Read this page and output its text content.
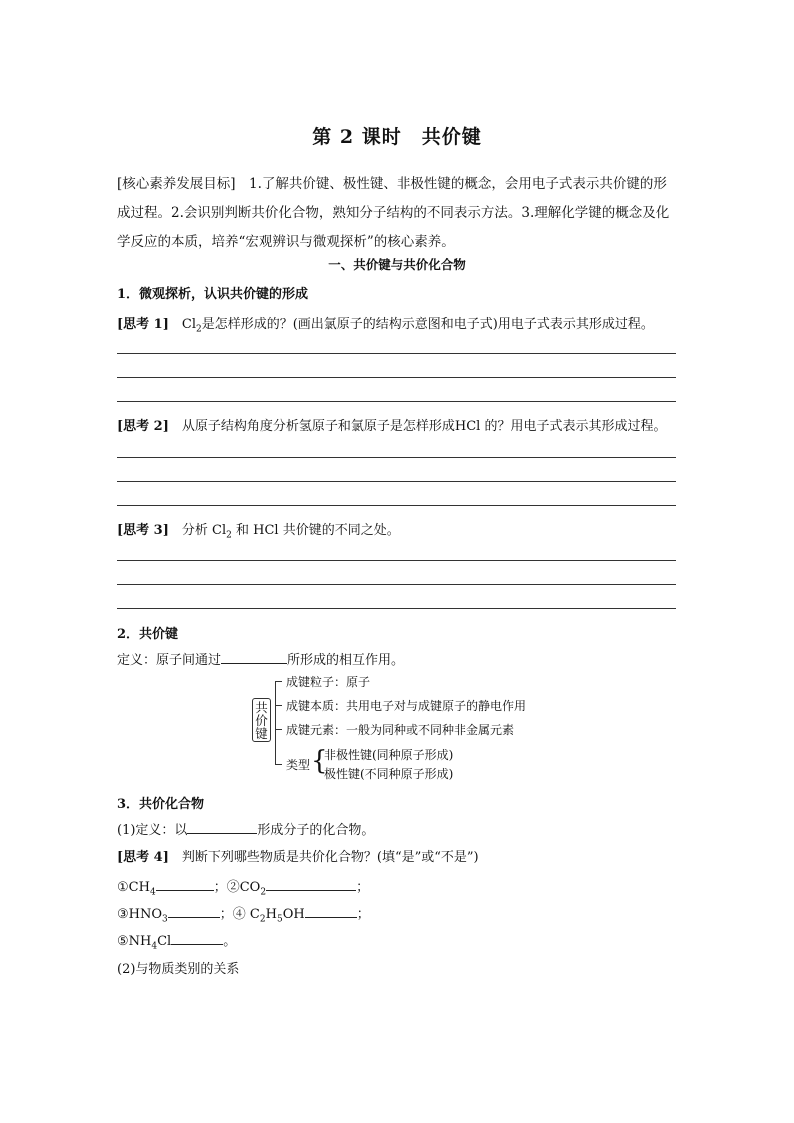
第 2 课时　共价键
[核心素养发展目标]　1.了解共价键、极性键、非极性键的概念，会用电子式表示共价键的形成过程。2.会识别判断共价化合物，熟知分子结构的不同表示方法。3.理解化学键的概念及化学反应的本质，培养“宏观辨识与微观探析”的核心素养。
一、共价键与共价化合物
1．微观探析，认识共价键的形成
[思考 1]　$Cl_2$是怎样形成的？(画出氯原子的结构示意图和电子式)用电子式表示其形成过程。
[思考 2]　从原子结构角度分析氢原子和氯原子是怎样形成HCl 的？用电子式表示其形成过程。
[思考 3]　分析 $Cl_2$ 和 HCl 共价键的不同之处。
2．共价键
定义：原子间通过	所形成的相互作用。
共
价
键
成键粒子：原子
成键本质：共用电子对与成键原子的静电作用
成键元素：一般为同种或不同种非金属元素
类型 {
非极性键(同种原子形成)
极性键(不同种原子形成)
3．共价化合物
(1)定义：以	形成分子的化合物。
[思考 4]　判断下列哪些物质是共价化合物？(填“是”或“不是”)
$①CH_4$	；$②CO_2$	；
$③HNO_3$	；④ $C_2H_5OH$	；
$⑤NH_4Cl$	。
(2)与物质类别的关系
